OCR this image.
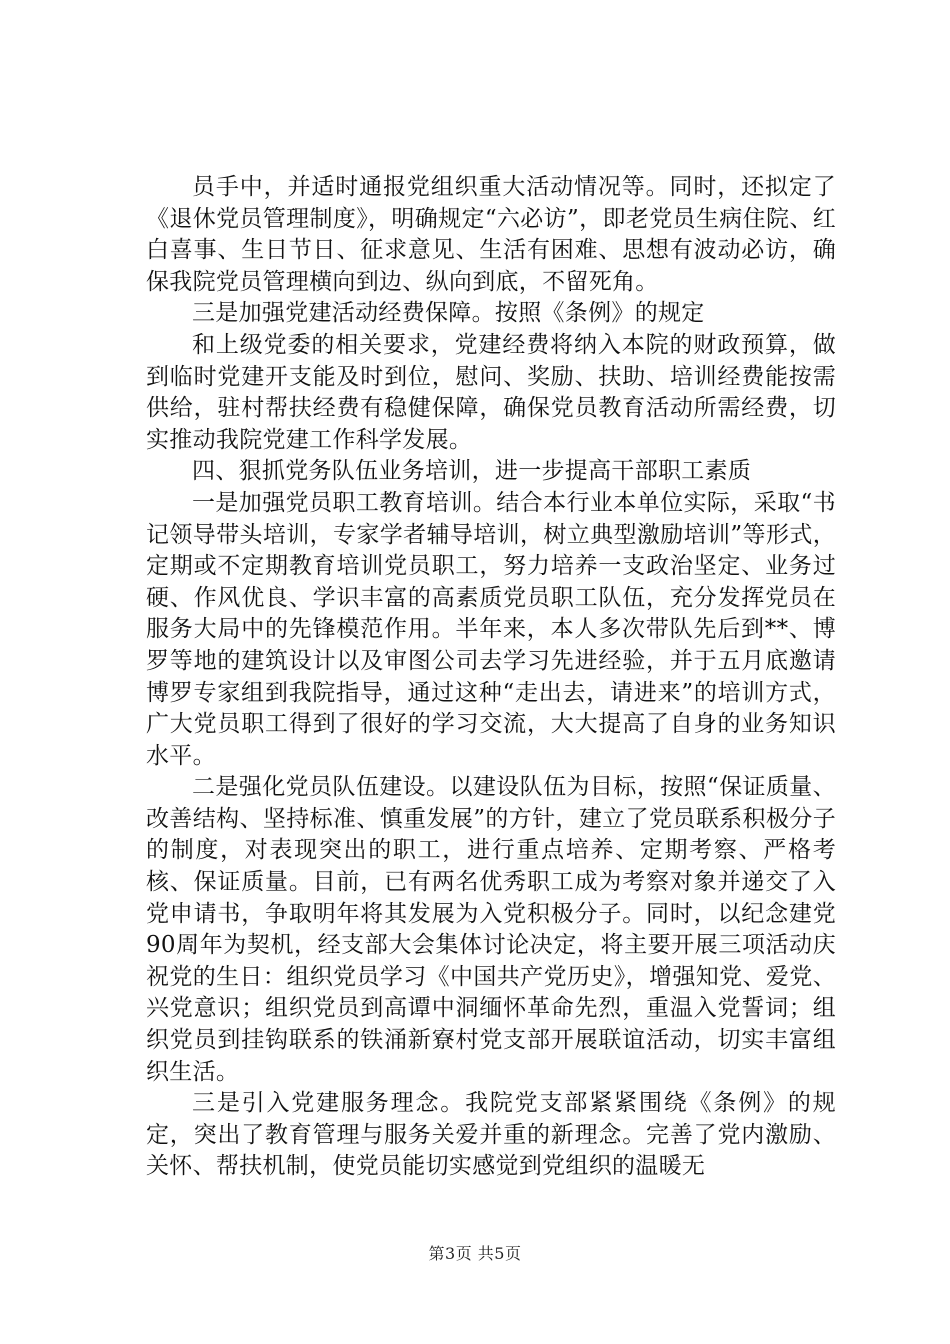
员手中，并适时通报党组织重大活动情况等。同时，还拟定了《退休党员管理制度》，明确规定“六必访”，即老党员生病住院、红白喜事、生日节日、征求意见、生活有困难、思想有波动必访，确保我院党员管理横向到边、纵向到底，不留死角。

三是加强党建活动经费保障。按照《条例》的规定

和上级党委的相关要求，党建经费将纳入本院的财政预算，做到临时党建开支能及时到位，慰问、奖励、扶助、培训经费能按需供给，驻村帮扶经费有稳健保障，确保党员教育活动所需经费，切实推动我院党建工作科学发展。

四、狠抓党务队伍业务培训，进一步提高干部职工素质

一是加强党员职工教育培训。结合本行业本单位实际，采取“书记领导带头培训，专家学者辅导培训，树立典型激励培训”等形式，定期或不定期教育培训党员职工，努力培养一支政治坚定、业务过硬、作风优良、学识丰富的高素质党员职工队伍，充分发挥党员在服务大局中的先锋模范作用。半年来，本人多次带队先后到**、博罗等地的建筑设计以及审图公司去学习先进经验，并于五月底邀请博罗专家组到我院指导，通过这种“走出去，请进来”的培训方式，广大党员职工得到了很好的学习交流，大大提高了自身的业务知识水平。

二是强化党员队伍建设。以建设队伍为目标，按照“保证质量、改善结构、坚持标准、慎重发展”的方针，建立了党员联系积极分子的制度，对表现突出的职工，进行重点培养、定期考察、严格考核、保证质量。目前，已有两名优秀职工成为考察对象并递交了入党申请书，争取明年将其发展为入党积极分子。同时，以纪念建党90周年为契机，经支部大会集体讨论决定，将主要开展三项活动庆祝党的生日：组织党员学习《中国共产党历史》，增强知党、爱党、兴党意识；组织党员到高谭中洞缅怀革命先烈，重温入党誓词；组织党员到挂钩联系的铁涌新寮村党支部开展联谊活动，切实丰富组织生活。

三是引入党建服务理念。我院党支部紧紧围绕《条例》的规定，突出了教育管理与服务关爱并重的新理念。完善了党内激励、关怀、帮扶机制，使党员能切实感觉到党组织的温暖无

第3页 共5页
